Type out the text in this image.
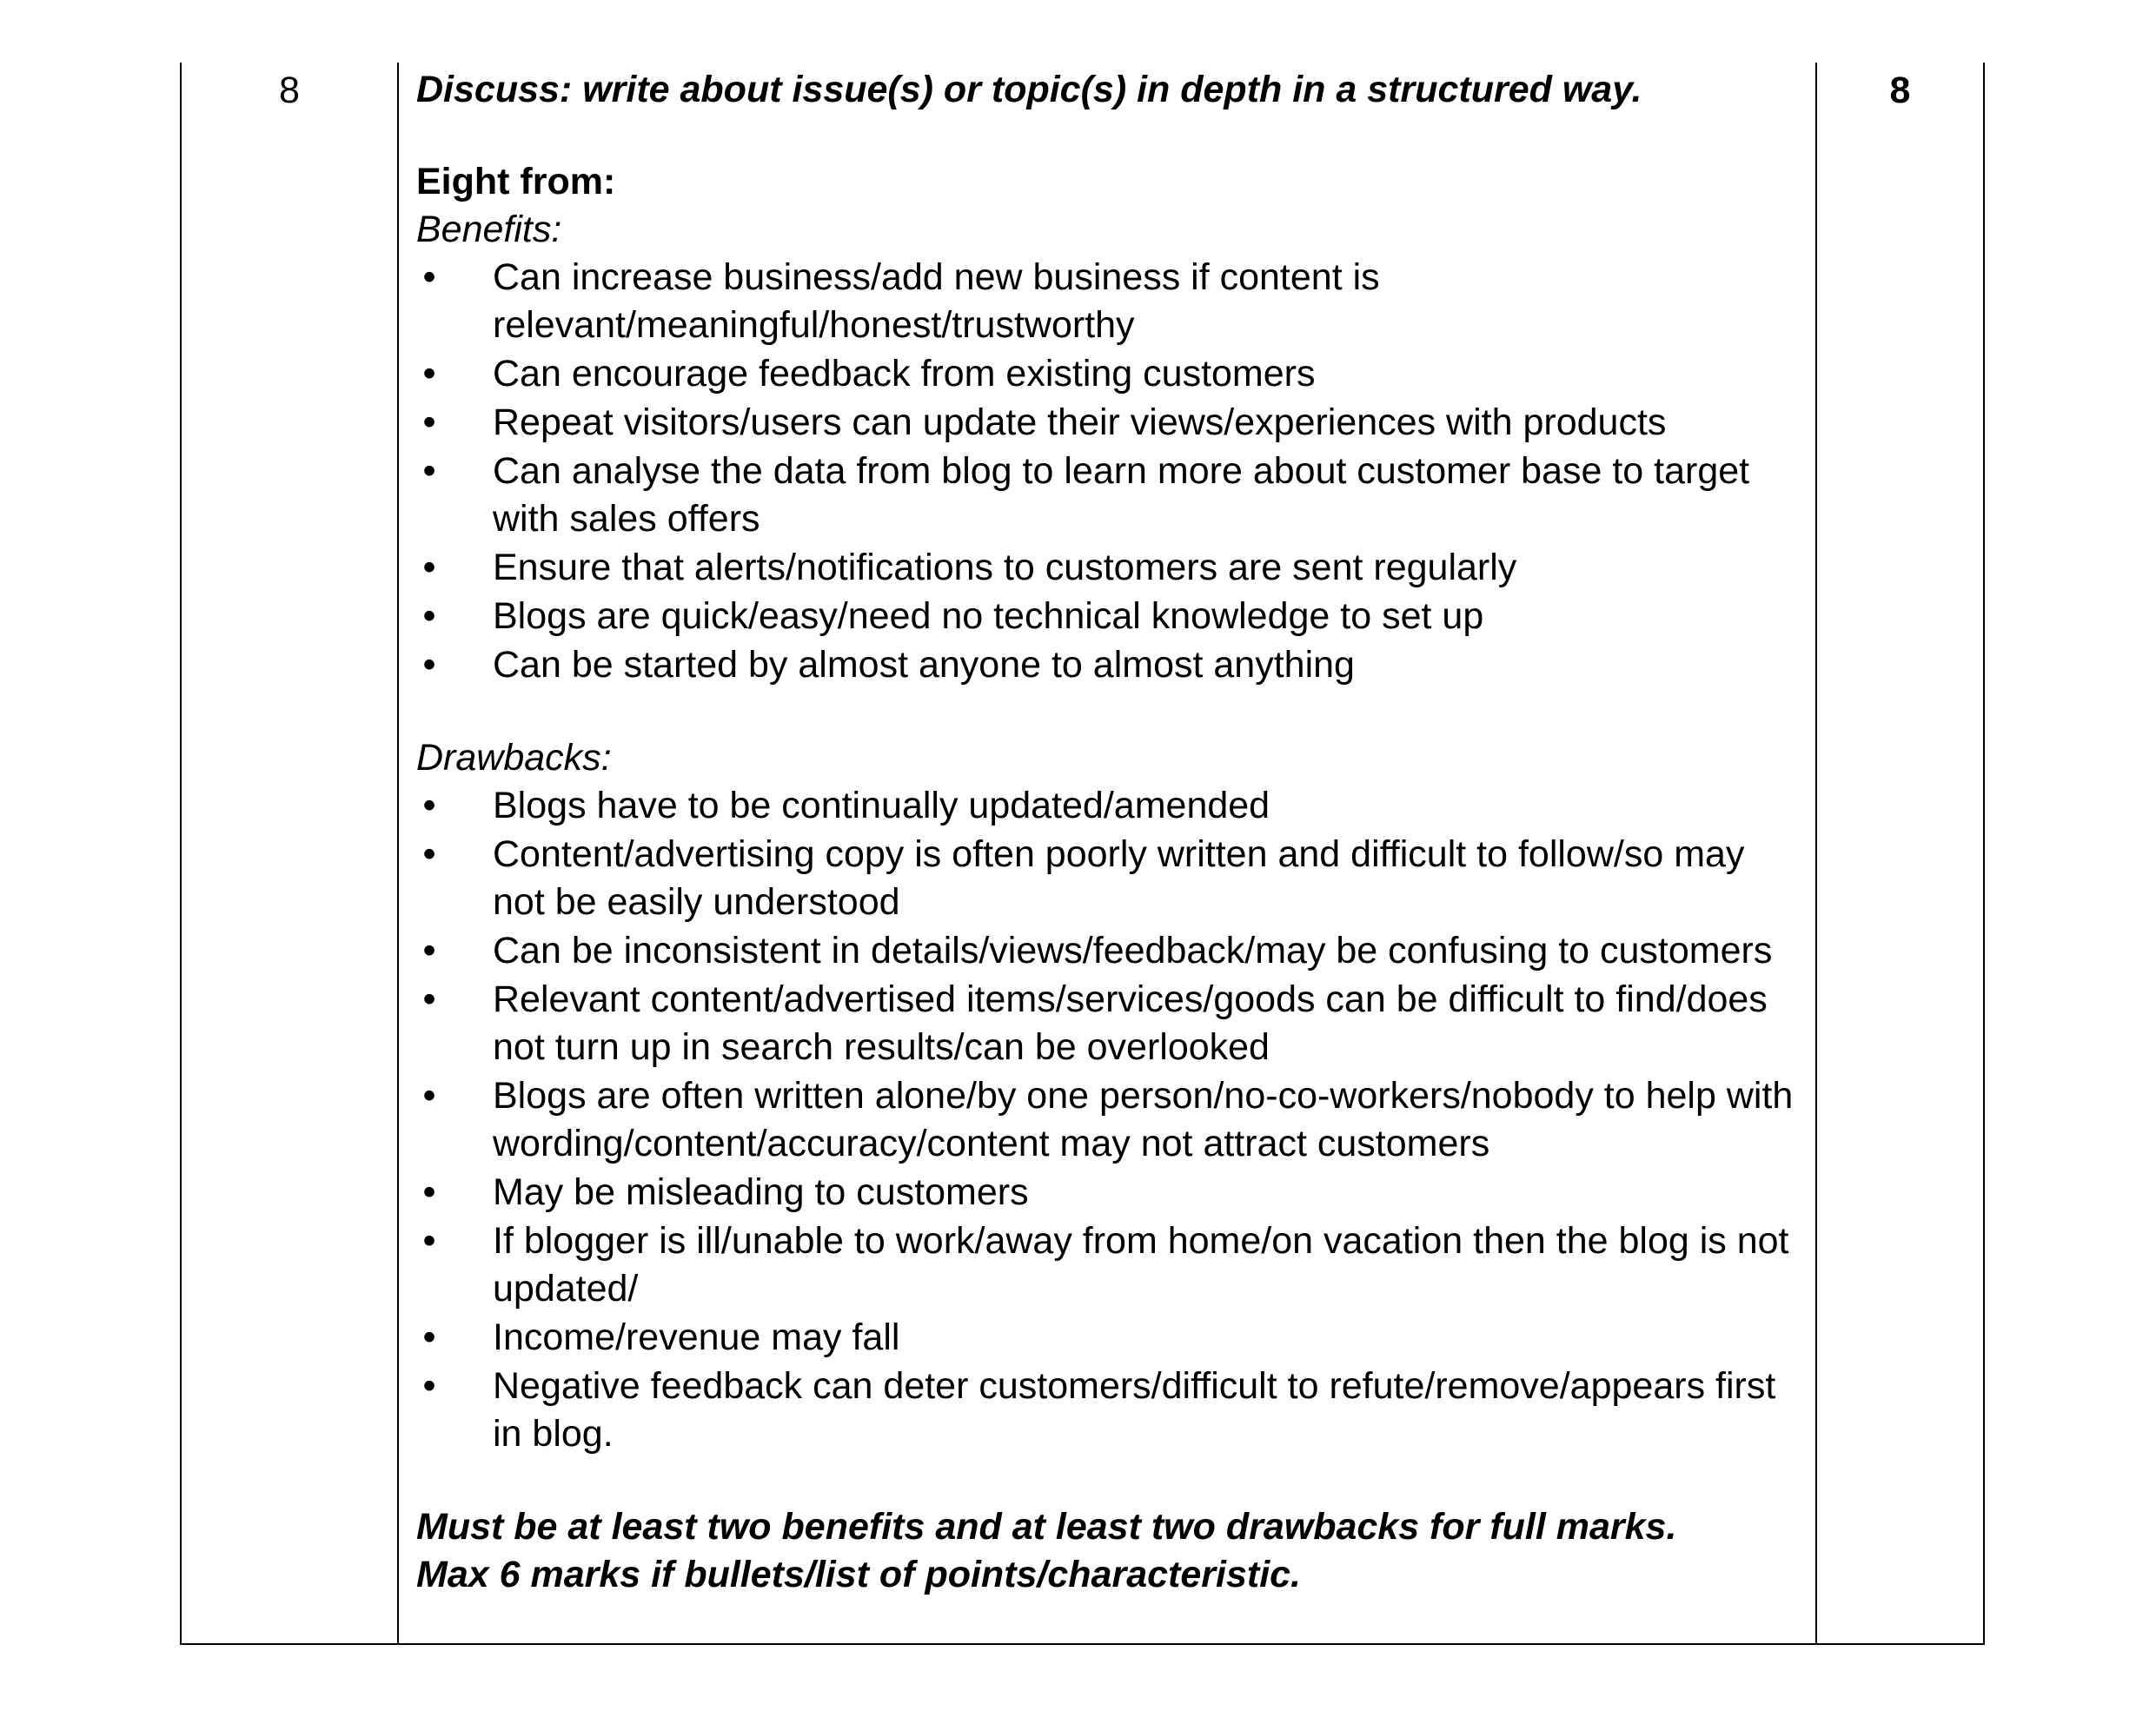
8	Discuss: write about issue(s) or topic(s) in depth in a structured way.
Eight from:
Benefits:
• Can increase business/add new business if content is relevant/meaningful/honest/trustworthy
• Can encourage feedback from existing customers
• Repeat visitors/users can update their views/experiences with products
• Can analyse the data from blog to learn more about customer base to target with sales offers
• Ensure that alerts/notifications to customers are sent regularly
• Blogs are quick/easy/need no technical knowledge to set up
• Can be started by almost anyone to almost anything
Drawbacks:
• Blogs have to be continually updated/amended
• Content/advertising copy is often poorly written and difficult to follow/so may not be easily understood
• Can be inconsistent in details/views/feedback/may be confusing to customers
• Relevant content/advertised items/services/goods can be difficult to find/does not turn up in search results/can be overlooked
• Blogs are often written alone/by one person/no-co-workers/nobody to help with wording/content/accuracy/content may not attract customers
• May be misleading to customers
• If blogger is ill/unable to work/away from home/on vacation then the blog is not updated/
• Income/revenue may fall
• Negative feedback can deter customers/difficult to refute/remove/appears first in blog.
Must be at least two benefits and at least two drawbacks for full marks.
Max 6 marks if bullets/list of points/characteristic.
8
